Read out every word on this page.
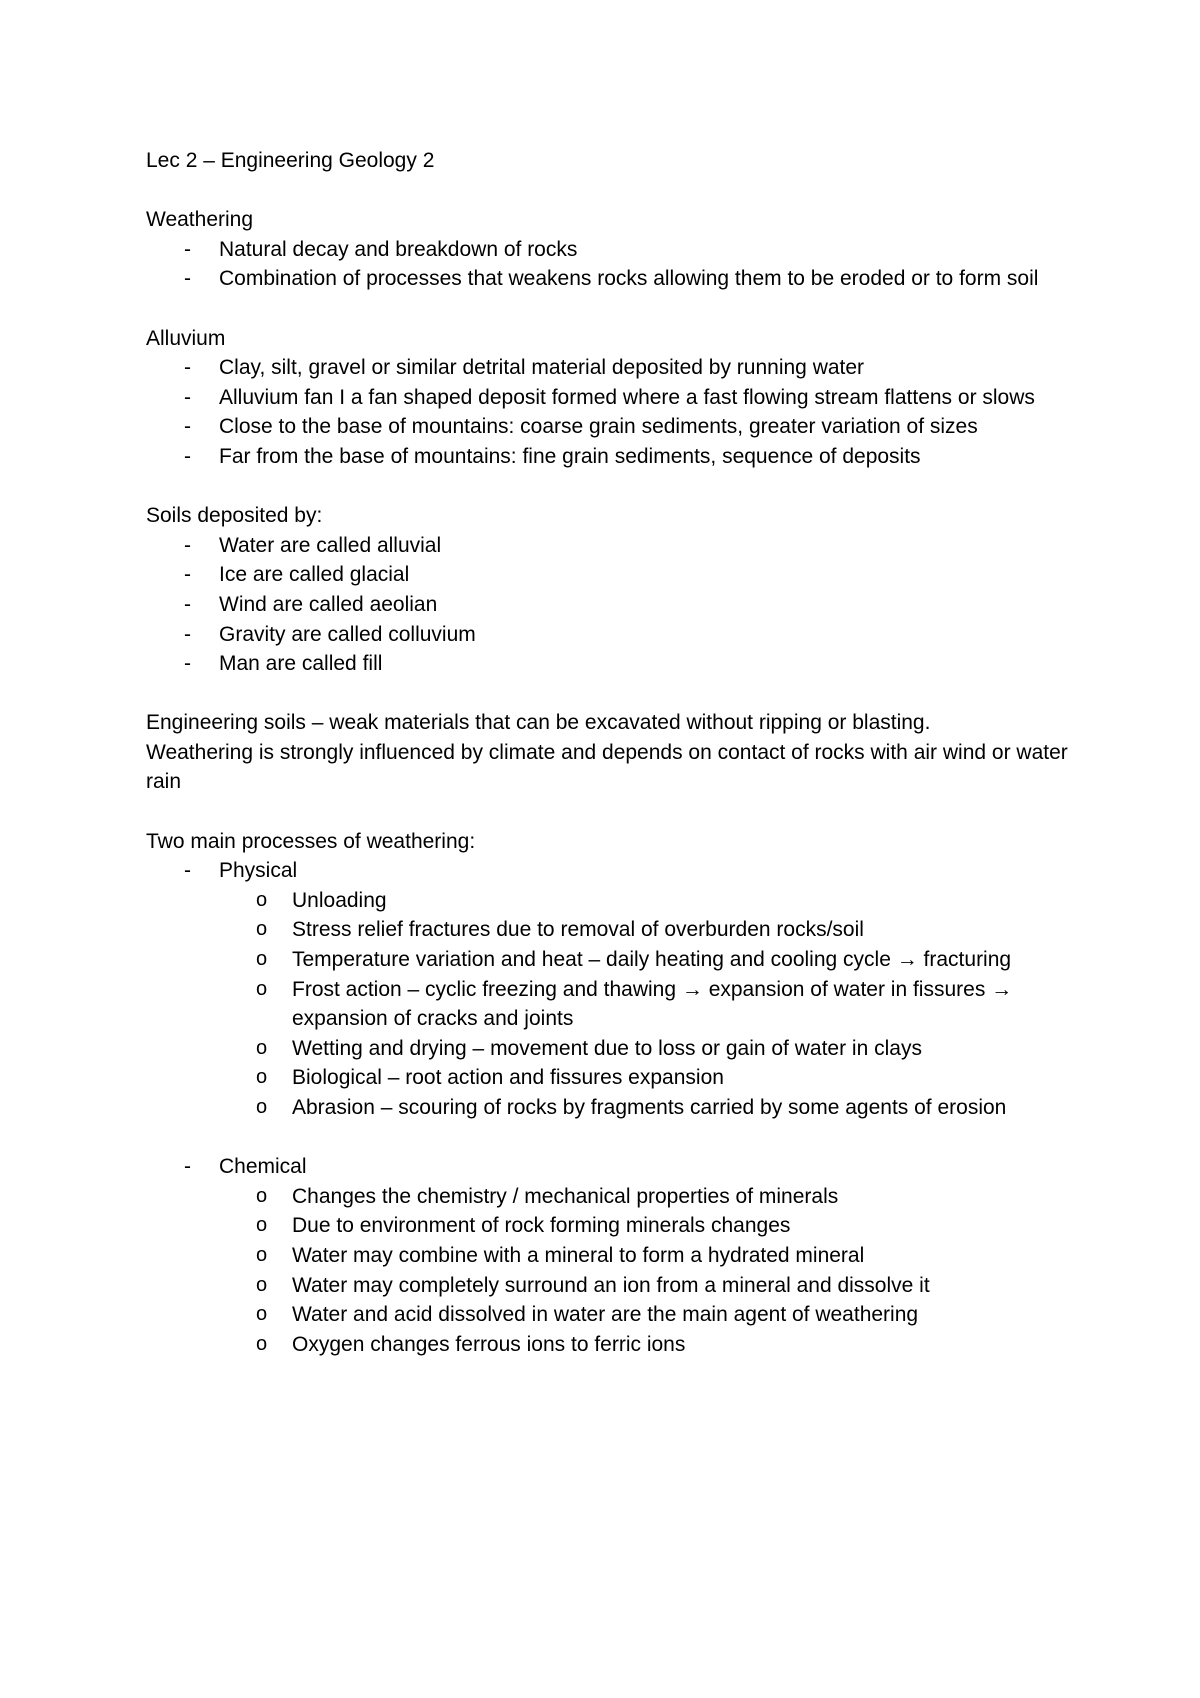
Lec 2 – Engineering Geology 2

Weathering

- Natural decay and breakdown of rocks
- Combination of processes that weakens rocks allowing them to be eroded or to form soil

Alluvium

- Clay, silt, gravel or similar detrital material deposited by running water
- Alluvium fan I a fan shaped deposit formed where a fast flowing stream flattens or slows
- Close to the base of mountains: coarse grain sediments, greater variation of sizes
- Far from the base of mountains: fine grain sediments, sequence of deposits

Soils deposited by:

- Water are called alluvial
- Ice are called glacial
- Wind are called aeolian
- Gravity are called colluvium
- Man are called fill

Engineering soils – weak materials that can be excavated without ripping or blasting.

Weathering is strongly influenced by climate and depends on contact of rocks with air wind or water rain

Two main processes of weathering:

- Physical
o Unloading
o Stress relief fractures due to removal of overburden rocks/soil
o Temperature variation and heat – daily heating and cooling cycle → fracturing
o Frost action – cyclic freezing and thawing → expansion of water in fissures → expansion of cracks and joints
o Wetting and drying – movement due to loss or gain of water in clays
o Biological – root action and fissures expansion
o Abrasion – scouring of rocks by fragments carried by some agents of erosion
- Chemical
o Changes the chemistry / mechanical properties of minerals
o Due to environment of rock forming minerals changes
o Water may combine with a mineral to form a hydrated mineral
o Water may completely surround an ion from a mineral and dissolve it
o Water and acid dissolved in water are the main agent of weathering
o Oxygen changes ferrous ions to ferric ions
